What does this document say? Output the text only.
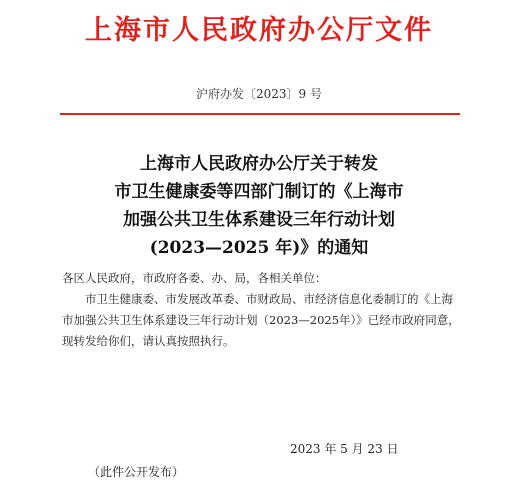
上海市人民政府办公厅文件
沪府办发〔2023〕9 号
上海市人民政府办公厅关于转发
市卫生健康委等四部门制订的《上海市
加强公共卫生体系建设三年行动计划
(2023—2025 年)》的通知

各区人民政府，市政府各委、办、局，各相关单位：

市卫生健康委、市发展改革委、市财政局、市经济信息化委制订的《上海市加强公共卫生体系建设三年行动计划（2023—2025年）》已经市政府同意，现转发给你们，请认真按照执行。

2023 年 5 月 23 日
（此件公开发布）
